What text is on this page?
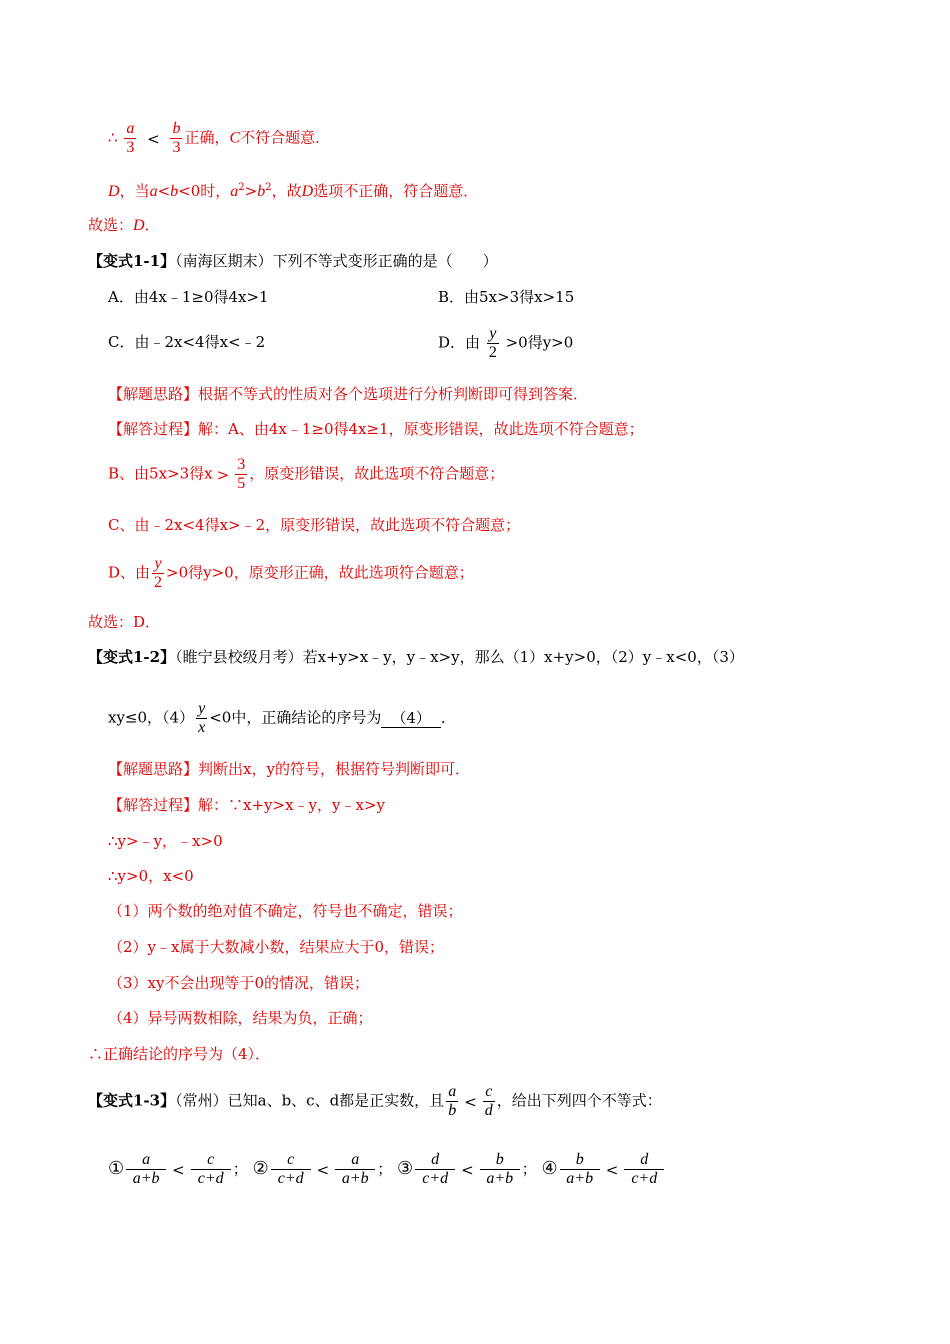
∴ $\frac{a}{3} < \frac{b}{3}$ 正确，C不符合题意．
D，当a<b<0时，$a^2>b^2$，故D选项不正确，符合题意．
故选：D．
【变式1-1】（南海区期末）下列不等式变形正确的是（　　）
A．由4x﹣1≥0得4x>1	B．由5x>3得x>15
C．由﹣2x<4得x<﹣2	D．由 $\frac{y}{2} >0$得y>0
【解题思路】根据不等式的性质对各个选项进行分析判断即可得到答案．
【解答过程】解：A、由4x﹣1≥0得4x≥1，原变形错误，故此选项不符合题意；
B、由5x>3得$x > \frac{3}{5}$ ，原变形错误，故此选项不符合题意；
C、由﹣2x<4得x>﹣2，原变形错误，故此选项不符合题意；
D、由 $\frac{y}{2} >0$得y>0，原变形正确，故此选项符合题意；
故选：D．
【变式1-2】（睢宁县校级月考）若x+y>x﹣y，y﹣x>y，那么（1）x+y>0，（2）y﹣x<0，（3）
xy≤0，$(4) \frac{y}{x} <0$中，正确结论的序号为 （4） ．
【解题思路】判断出x，y的符号，根据符号判断即可．
【解答过程】解：∵x+y>x﹣y，y﹣x>y
∴y>﹣y，﹣x>0
∴y>0，x<0
（1）两个数的绝对值不确定，符号也不确定，错误；
（2）y﹣x属于大数减小数，结果应大于0，错误；
（3）xy不会出现等于0的情况，错误；
（4）异号两数相除，结果为负，正确；
∴正确结论的序号为（4）．
【变式1-3】（常州）已知a、b、c、d都是正实数，且 $\frac{a}{b} < \frac{c}{d}$ ，给出下列四个不等式：
① $\frac{a}{a+b} < \frac{c}{c+d}$ ； ② $\frac{c}{c+d} < \frac{a}{a+b}$ ； ③ $\frac{d}{c+d} < \frac{b}{a+b}$ ； ④ $\frac{b}{a+b} < \frac{d}{c+d}$
